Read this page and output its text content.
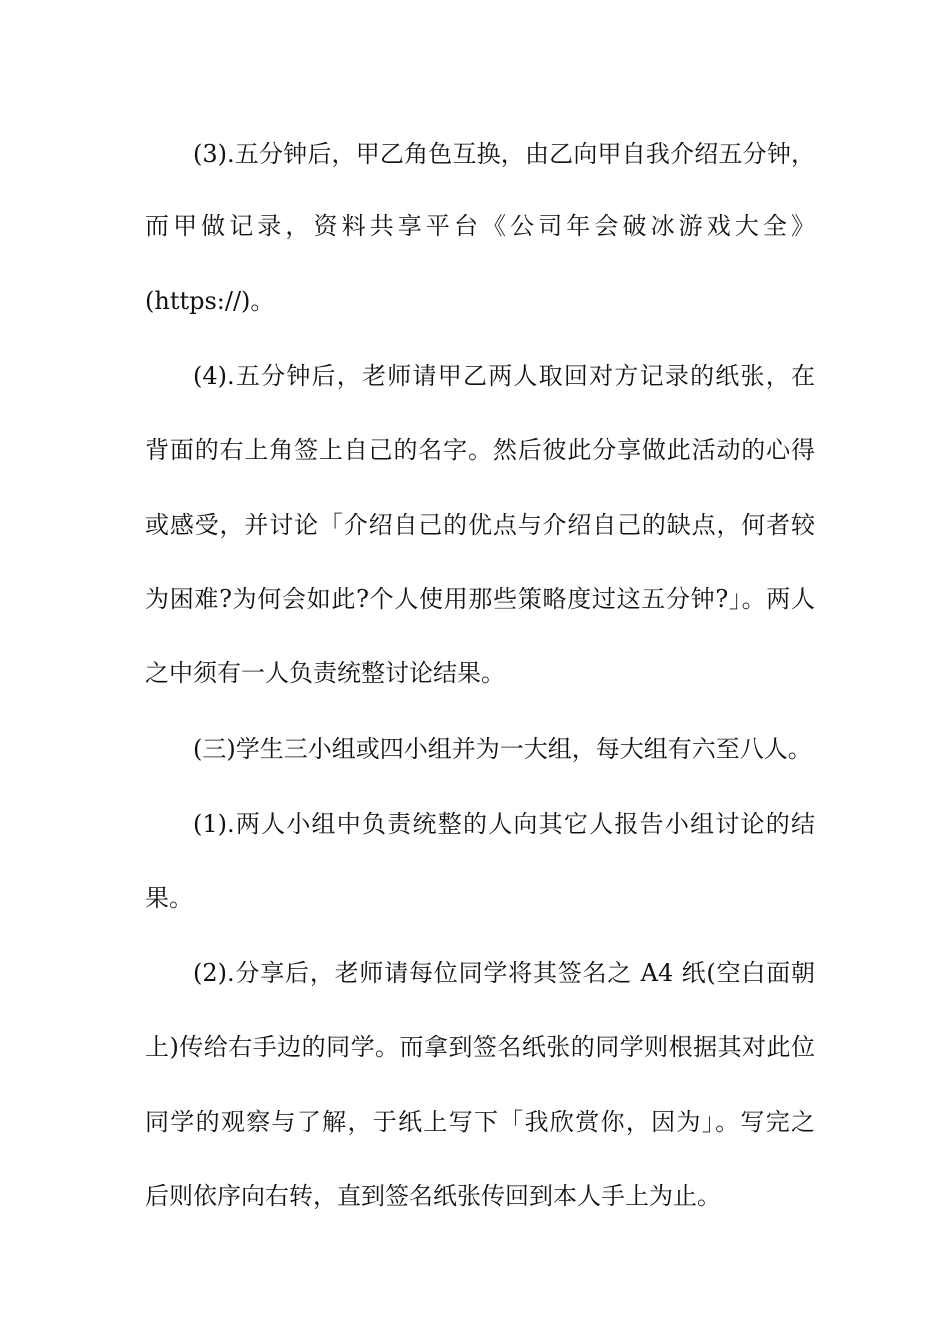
(3).五分钟后，甲乙角色互换，由乙向甲自我介绍五分钟，
而甲做记录，资料共享平台《公司年会破冰游戏大全》
(https://)。
(4).五分钟后，老师请甲乙两人取回对方记录的纸张，在
背面的右上角签上自己的名字。然后彼此分享做此活动的心得
或感受，并讨论「介绍自己的优点与介绍自己的缺点，何者较
为困难?为何会如此?个人使用那些策略度过这五分钟?」。两人
之中须有一人负责统整讨论结果。
(三)学生三小组或四小组并为一大组，每大组有六至八人。
(1).两人小组中负责统整的人向其它人报告小组讨论的结
果。
(2).分享后，老师请每位同学将其签名之 A4 纸(空白面朝
上)传给右手边的同学。而拿到签名纸张的同学则根据其对此位
同学的观察与了解，于纸上写下「我欣赏你，因为」。写完之
后则依序向右转，直到签名纸张传回到本人手上为止。
